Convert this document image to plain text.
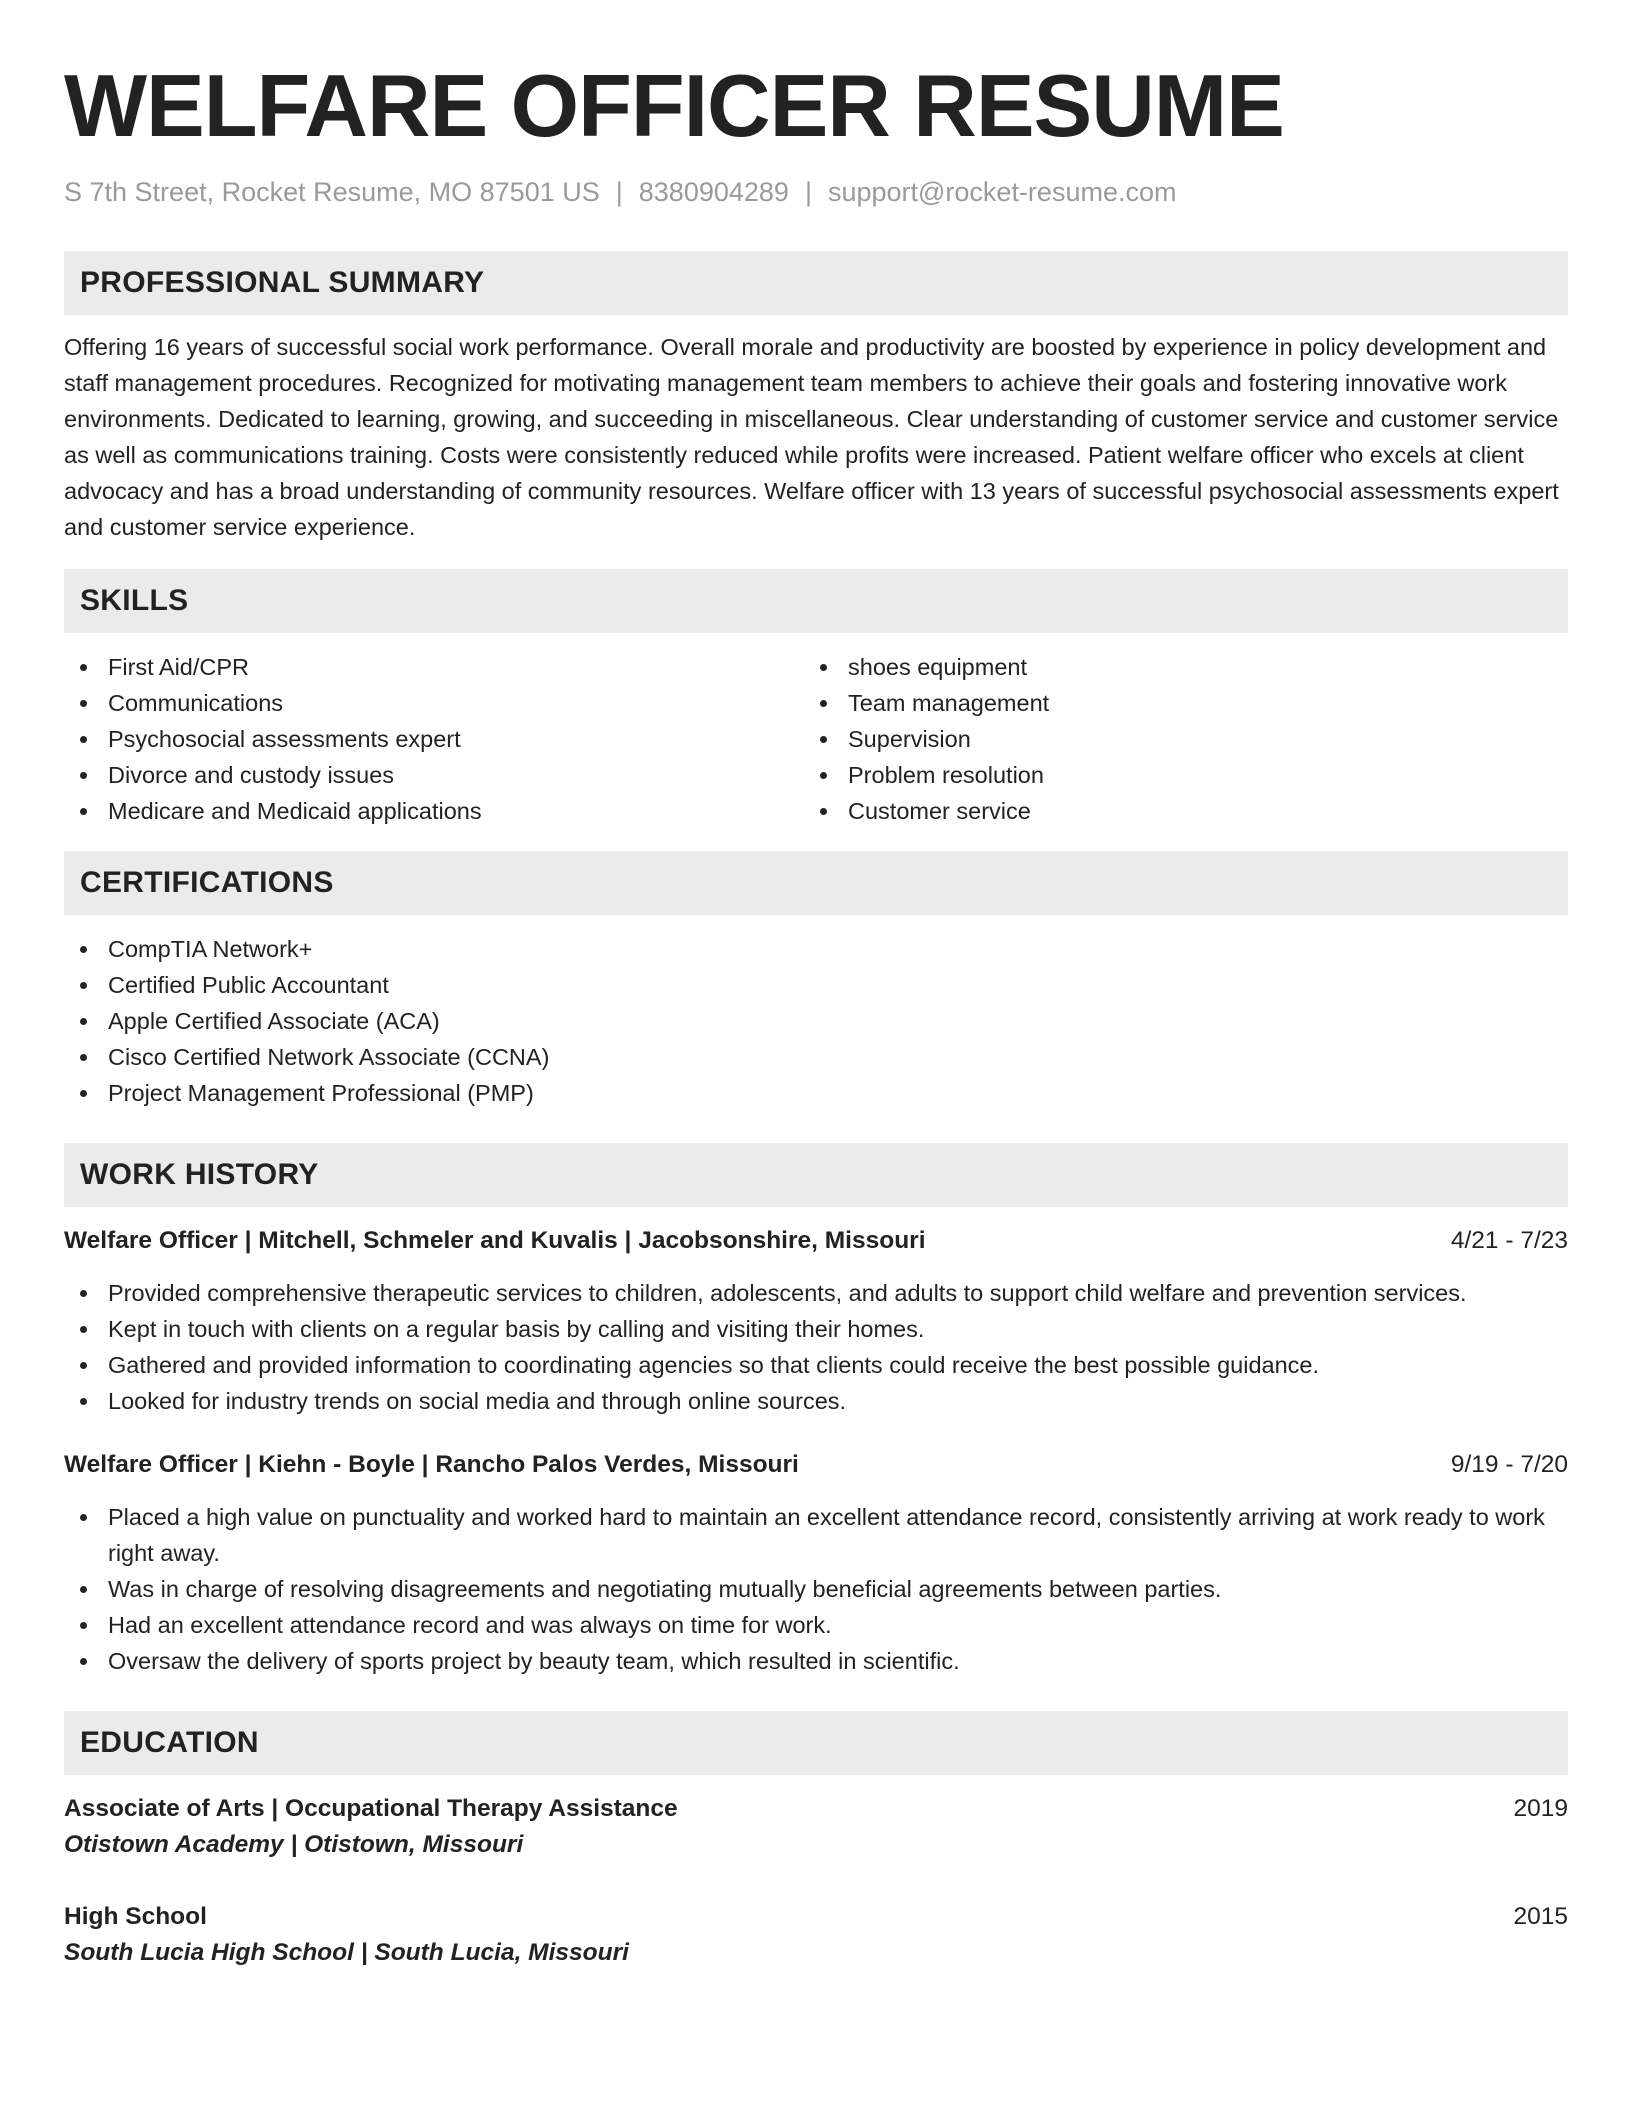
WELFARE OFFICER RESUME
S 7th Street, Rocket Resume, MO 87501 US | 8380904289 | support@rocket-resume.com
PROFESSIONAL SUMMARY

Offering 16 years of successful social work performance. Overall morale and productivity are boosted by experience in policy development and staff management procedures. Recognized for motivating management team members to achieve their goals and fostering innovative work environments. Dedicated to learning, growing, and succeeding in miscellaneous. Clear understanding of customer service and customer service as well as communications training. Costs were consistently reduced while profits were increased. Patient welfare officer who excels at client advocacy and has a broad understanding of community resources. Welfare officer with 13 years of successful psychosocial assessments expert and customer service experience.

SKILLS
First Aid/CPR
Communications
Psychosocial assessments expert
Divorce and custody issues
Medicare and Medicaid applications
shoes equipment
Team management
Supervision
Problem resolution
Customer service
CERTIFICATIONS
CompTIA Network+
Certified Public Accountant
Apple Certified Associate (ACA)
Cisco Certified Network Associate (CCNA)
Project Management Professional (PMP)
WORK HISTORY
Welfare Officer | Mitchell, Schmeler and Kuvalis | Jacobsonshire, Missouri	4/21 - 7/23
Provided comprehensive therapeutic services to children, adolescents, and adults to support child welfare and prevention services.
Kept in touch with clients on a regular basis by calling and visiting their homes.
Gathered and provided information to coordinating agencies so that clients could receive the best possible guidance.
Looked for industry trends on social media and through online sources.
Welfare Officer | Kiehn - Boyle | Rancho Palos Verdes, Missouri	9/19 - 7/20
Placed a high value on punctuality and worked hard to maintain an excellent attendance record, consistently arriving at work ready to work right away.
Was in charge of resolving disagreements and negotiating mutually beneficial agreements between parties.
Had an excellent attendance record and was always on time for work.
Oversaw the delivery of sports project by beauty team, which resulted in scientific.
EDUCATION
Associate of Arts | Occupational Therapy Assistance	2019
Otistown Academy | Otistown, Missouri
High School	2015
South Lucia High School | South Lucia, Missouri
